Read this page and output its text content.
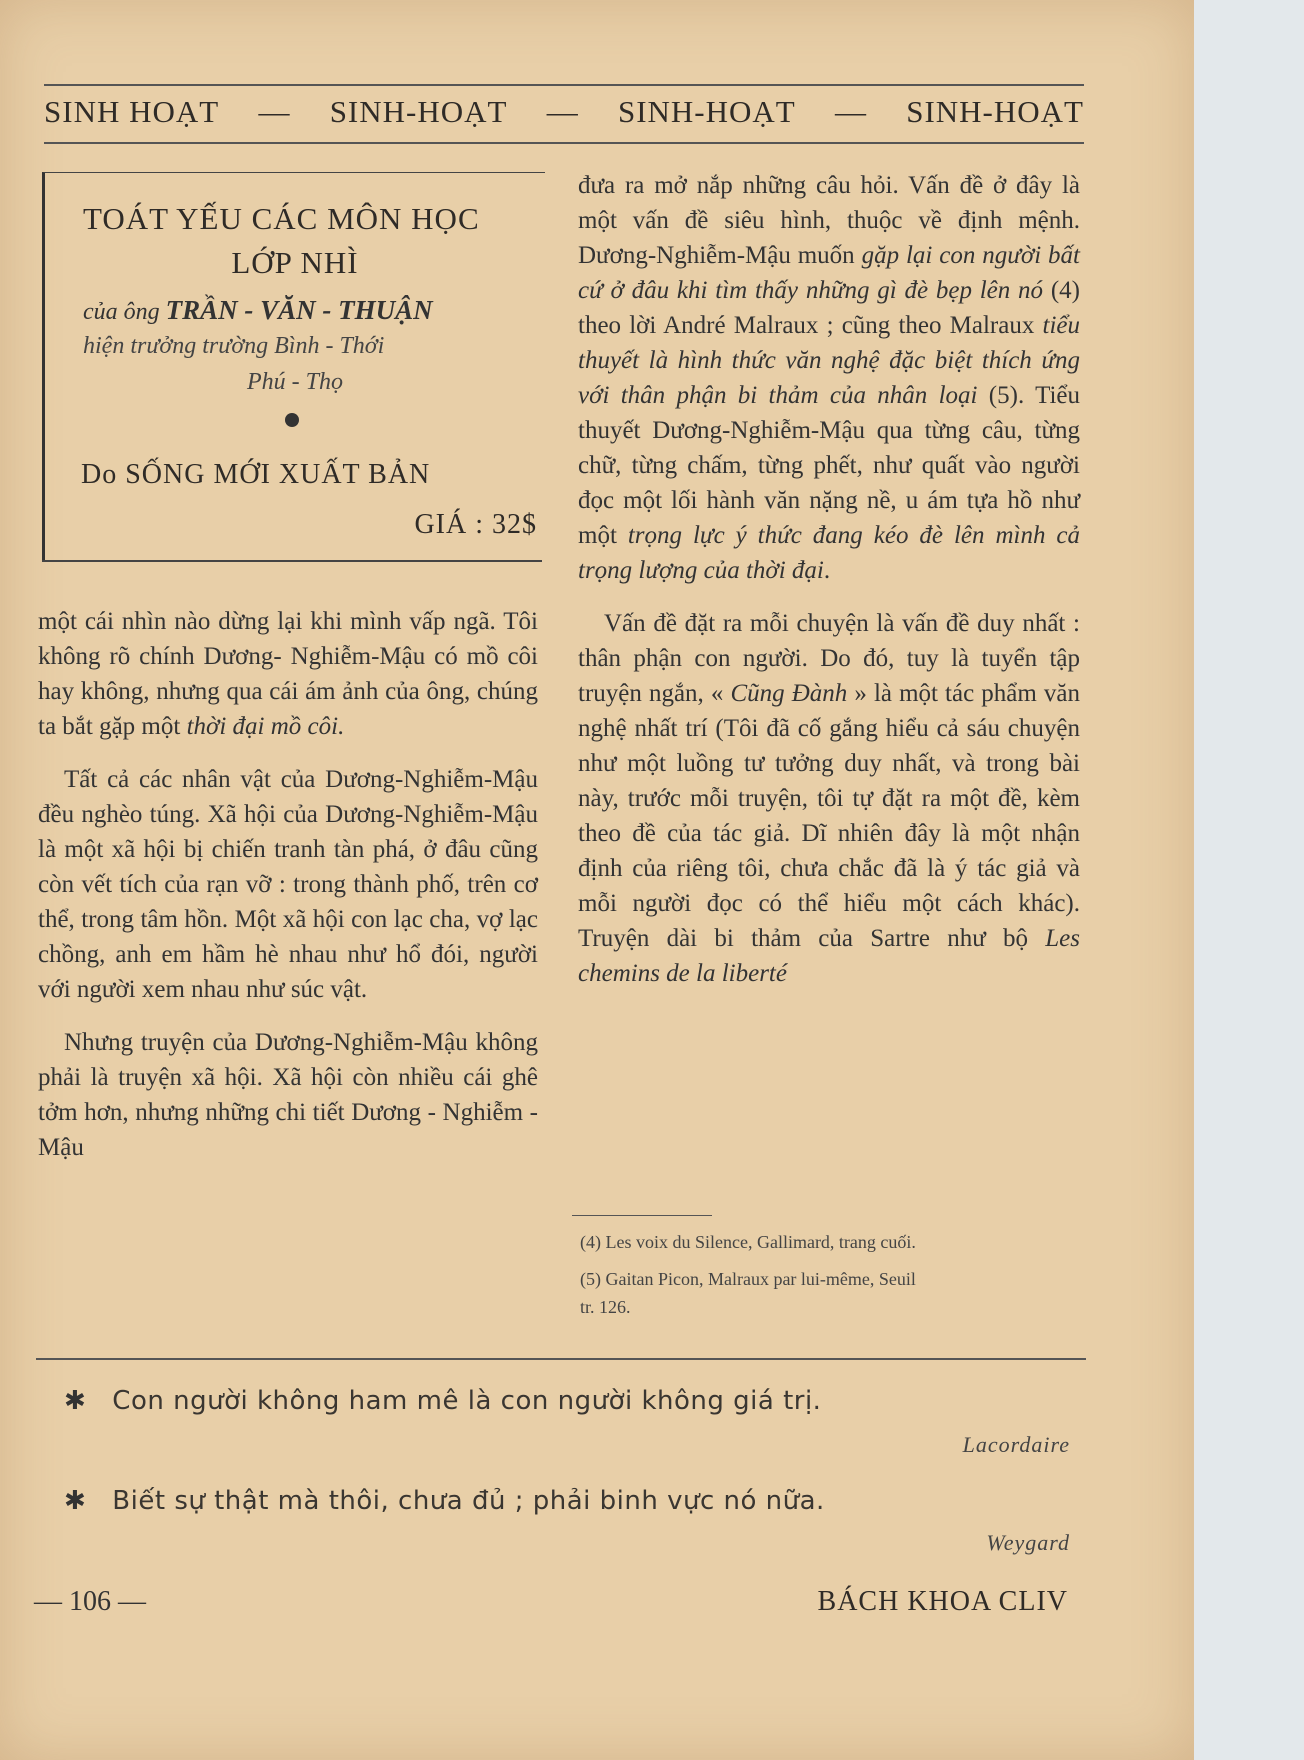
SINH HOẠT — SINH-HOẠT — SINH-HOẠT — SINH-HOẠT
TOÁT YẾU CÁC MÔN HỌC
LỚP NHÌ
của ông TRẦN - VĂN - THUẬN
hiện trưởng trường Bình - Thới
Phú - Thọ
Do SỐNG MỚI XUẤT BẢN
GIÁ : 32$

một cái nhìn nào dừng lại khi mình vấp ngã. Tôi không rõ chính Dương- Nghiễm-Mậu có mồ côi hay không, nhưng qua cái ám ảnh của ông, chúng ta bắt gặp một thời đại mồ côi.

Tất cả các nhân vật của Dương-Nghiễm-Mậu đều nghèo túng. Xã hội của Dương-Nghiễm-Mậu là một xã hội bị chiến tranh tàn phá, ở đâu cũng còn vết tích của rạn vỡ : trong thành phố, trên cơ thể, trong tâm hồn. Một xã hội con lạc cha, vợ lạc chồng, anh em hầm hè nhau như hổ đói, người với người xem nhau như súc vật.

Nhưng truyện của Dương-Nghiễm-Mậu không phải là truyện xã hội. Xã hội còn nhiều cái ghê tởm hơn, nhưng những chi tiết Dương - Nghiễm - Mậu

đưa ra mở nắp những câu hỏi. Vấn đề ở đây là một vấn đề siêu hình, thuộc về định mệnh. Dương-Nghiễm-Mậu muốn gặp lại con người bất cứ ở đâu khi tìm thấy những gì đè bẹp lên nó (4) theo lời André Malraux ; cũng theo Malraux tiểu thuyết là hình thức văn nghệ đặc biệt thích ứng với thân phận bi thảm của nhân loại (5). Tiểu thuyết Dương-Nghiễm-Mậu qua từng câu, từng chữ, từng chấm, từng phết, như quất vào người đọc một lối hành văn nặng nề, u ám tựa hồ như một trọng lực ý thức đang kéo đè lên mình cả trọng lượng của thời đại.

Vấn đề đặt ra mỗi chuyện là vấn đề duy nhất : thân phận con người. Do đó, tuy là tuyển tập truyện ngắn, « Cũng Đành » là một tác phẩm văn nghệ nhất trí (Tôi đã cố gắng hiểu cả sáu chuyện như một luồng tư tưởng duy nhất, và trong bài này, trước mỗi truyện, tôi tự đặt ra một đề, kèm theo đề của tác giả. Dĩ nhiên đây là một nhận định của riêng tôi, chưa chắc đã là ý tác giả và mỗi người đọc có thể hiểu một cách khác). Truyện dài bi thảm của Sartre như bộ Les chemins de la liberté

(4) Les voix du Silence, Gallimard, trang cuối.
(5) Gaitan Picon, Malraux par lui-même, Seuil
tr. 126.
✱ Con người không ham mê là con người không giá trị.
Lacordaire
✱ Biết sự thật mà thôi, chưa đủ ; phải binh vực nó nữa.
Weygard
— 106 —	BÁCH KHOA CLIV
